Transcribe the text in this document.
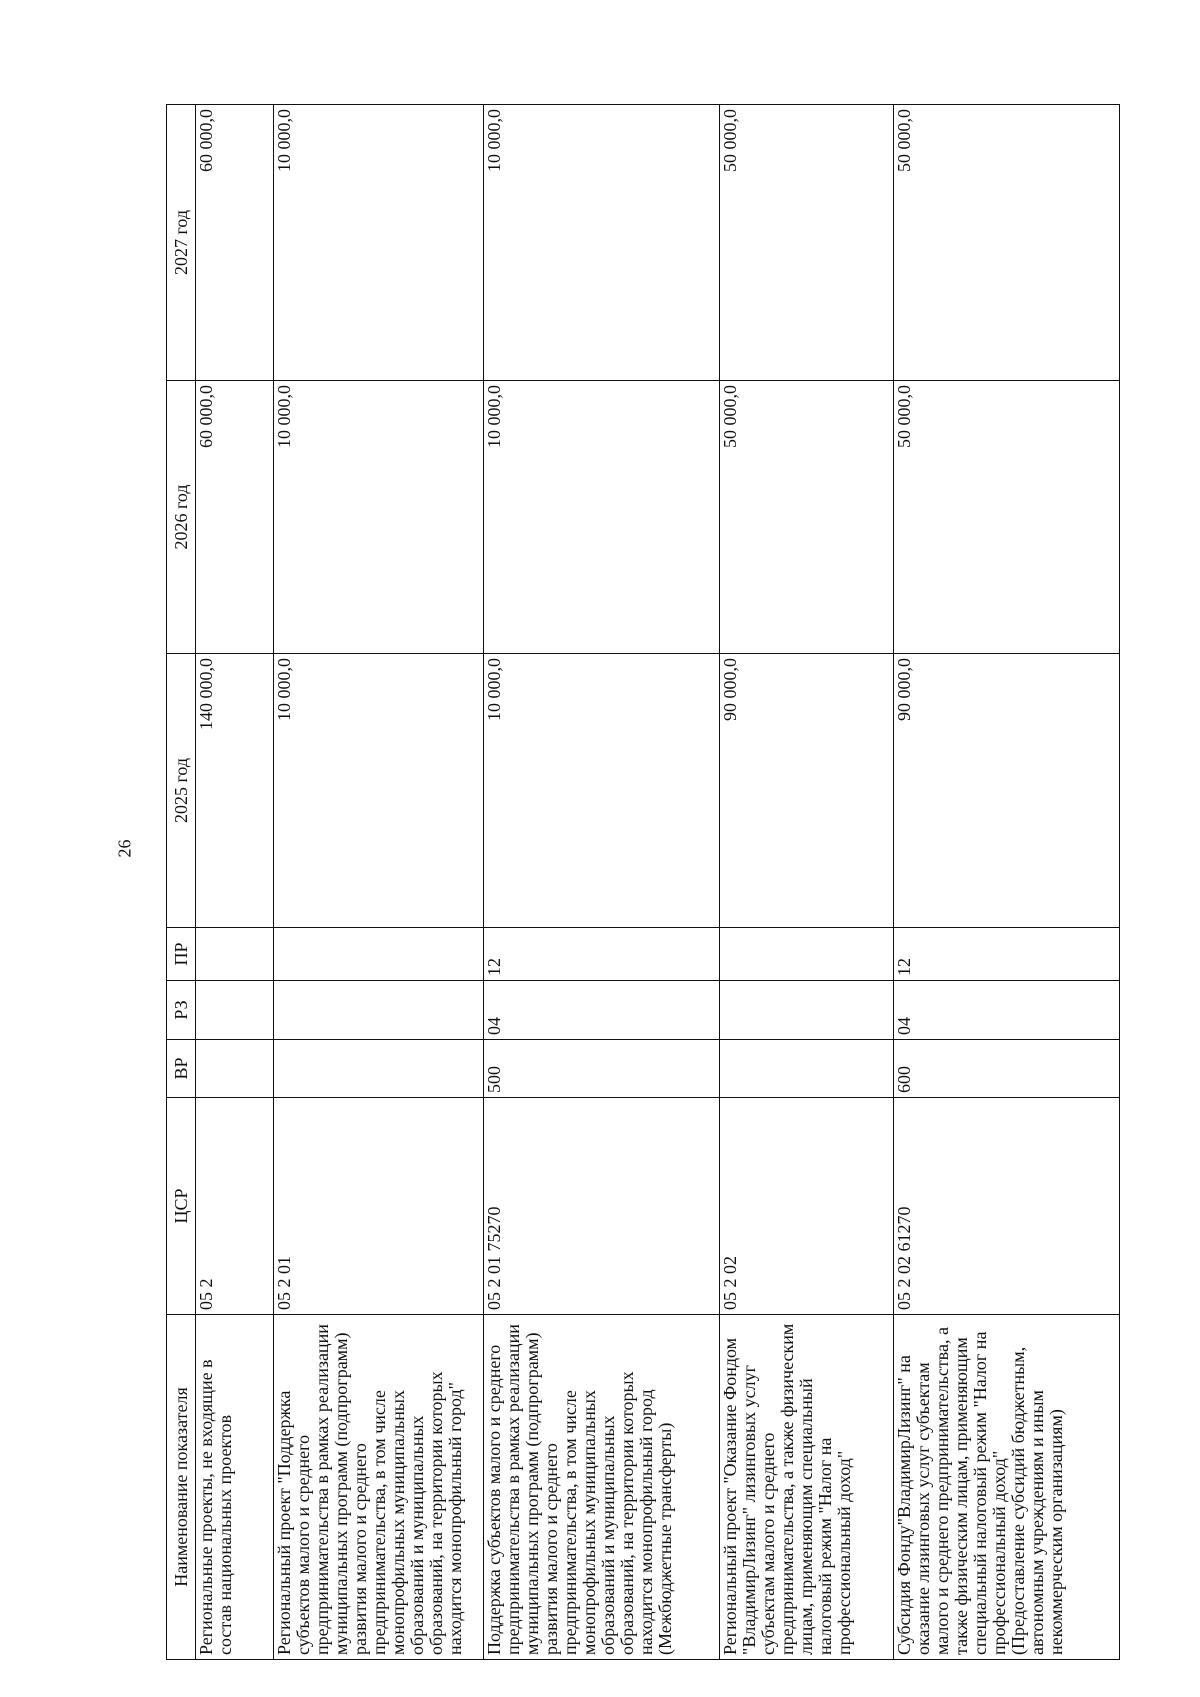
26
Наименование показателя	ЦСР	ВР	РЗ	ПР	2025 год	2026 год	2027 год
Региональные проекты, не входящие в состав национальных проектов	05 2				140 000,0	60 000,0	60 000,0
Региональный проект "Поддержка субъектов малого и среднего предпринимательства в рамках реализации муниципальных программ (подпрограмм) развития малого и среднего предпринимательства, в том числе монопрофильных муниципальных образований и муниципальных образований, на территории которых находится монопрофильный город"	05 2 01				10 000,0	10 000,0	10 000,0
Поддержка субъектов малого и среднего предпринимательства в рамках реализации муниципальных программ (подпрограмм) развития малого и среднего предпринимательства, в том числе монопрофильных муниципальных образований и муниципальных образований, на территории которых находится монопрофильный город (Межбюджетные трансферты)	05 2 01 75270	500	04	12	10 000,0	10 000,0	10 000,0
Региональный проект "Оказание Фондом "ВладимирЛизинг" лизинговых услуг субъектам малого и среднего предпринимательства, а также физическим лицам, применяющим специальный налоговый режим "Налог на профессиональный доход"	05 2 02				90 000,0	50 000,0	50 000,0
Субсидия Фонду"ВладимирЛизинг" на оказание лизинговых услуг субъектам малого и среднего предпринимательства, а также физическим лицам, применяющим специальный налоговый режим "Налог на профессиональный доход" (Предоставление субсидий бюджетным, автономным учреждениям и иным некоммерческим организациям)	05 2 02 61270	600	04	12	90 000,0	50 000,0	50 000,0
